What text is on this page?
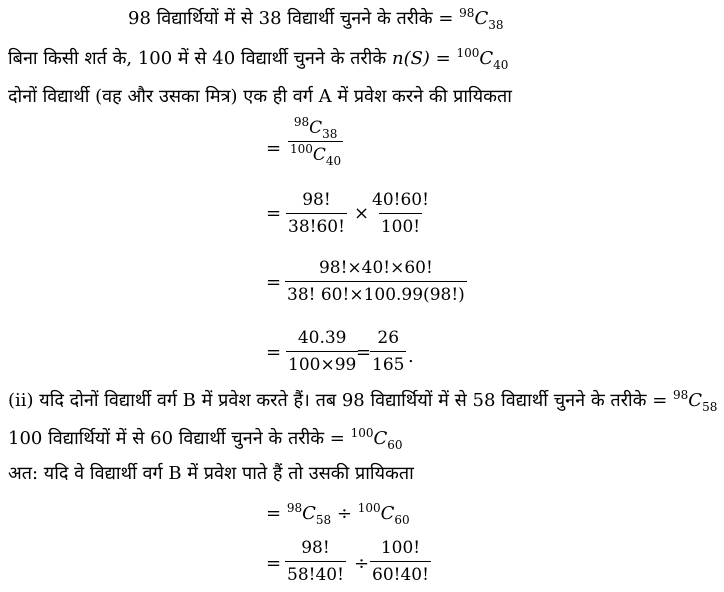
98 विद्यार्थियों में से 38 विद्यार्थी चुनने के तरीके = $^{98}C_{38}$
बिना किसी शर्त के, 100 में से 40 विद्यार्थी चुनने के तरीके $n(S) = ^{100}C_{40}$
दोनों विद्यार्थी (वह और उसका मित्र) एक ही वर्ग A में प्रवेश करने की प्रायिकता
= $\frac{^{98}C_{38}}{^{100}C_{40}}$
= $\frac{98!}{38!60!} \times \frac{40!60!}{100!}$
= $\frac{98!\times 40!\times 60!}{38! 60!\times 100.99(98!)}$
= $\frac{40.39}{100\times 99}$
=
$\frac{26}{165}$ .
(ii) यदि दोनों विद्यार्थी वर्ग B में प्रवेश करते हैं। तब 98 विद्यार्थियों में से 58 विद्यार्थी चुनने के तरीके = $^{98}C_{58}$
100 विद्यार्थियों में से 60 विद्यार्थी चुनने के तरीके = $^{100}C_{60}$
अत: यदि वे विद्यार्थी वर्ग B में प्रवेश पाते हैं तो उसकी प्रायिकता
= $^{98}C_{58} \div ^{100}C_{60}$
= $\frac{98!}{58!40!} \div \frac{100!}{60!40!}$
